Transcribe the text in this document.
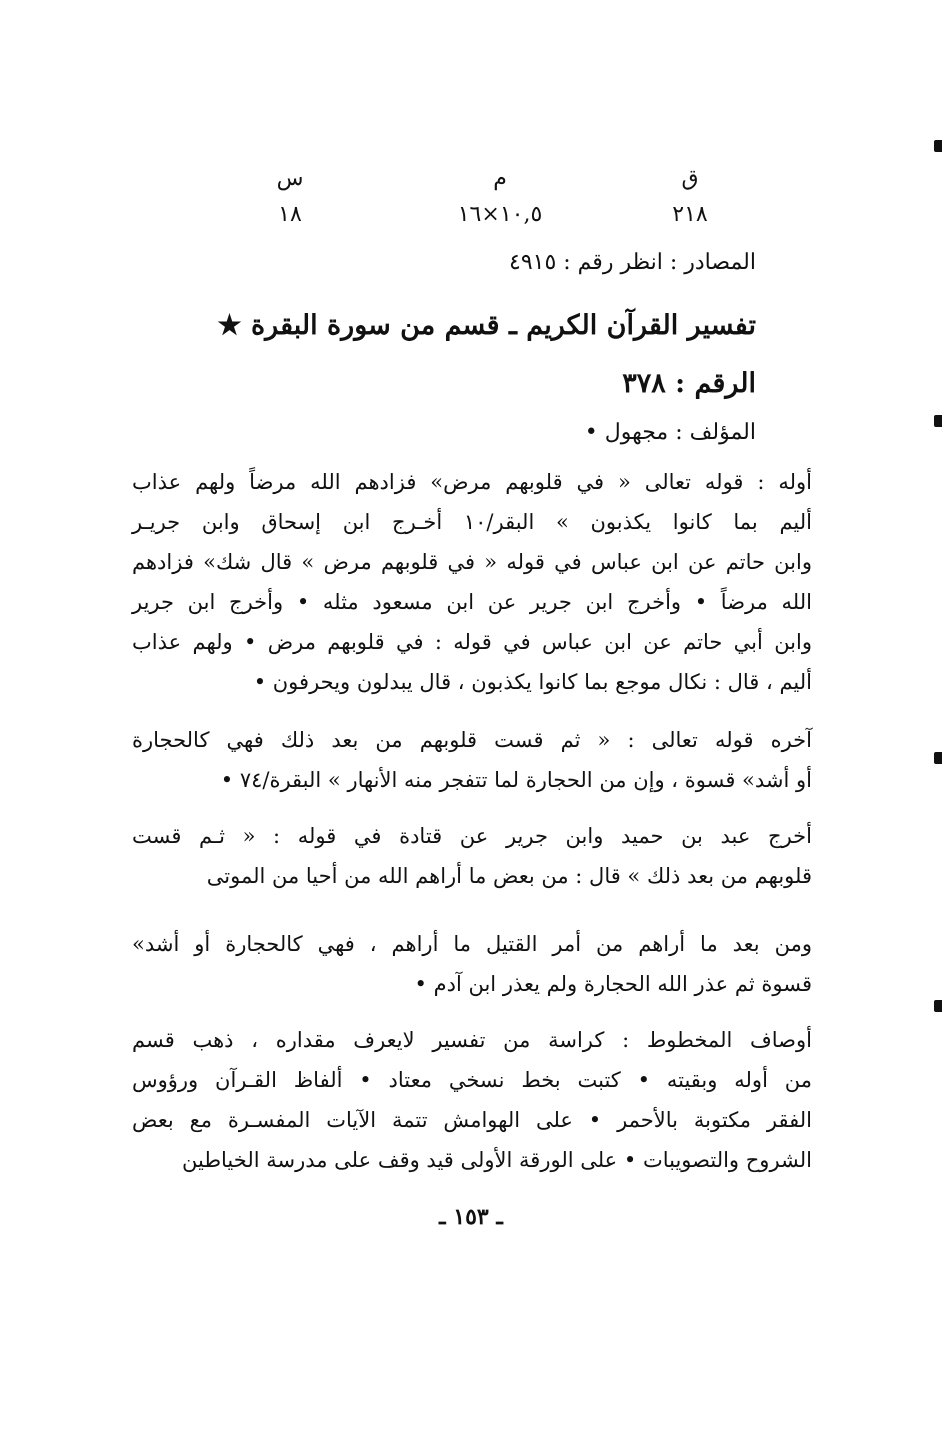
ق
م
س
٢١٨
١٠,٥×١٦
١٨
المصادر : انظر رقم : ٤٩١٥
تفسير القرآن الكريم ـ قسم من سورة البقرة ★
الرقم : ٣٧٨
المؤلف : مجهول •
أوله : قوله تعالى « في قلوبهم مرض» فزادهم الله مرضاً ولهم عذاب
أليم بما كانوا يكذبون » البقر/١٠ أخـرج ابن إسحاق وابن جريـر
وابن حاتم عن ابن عباس في قوله « في قلوبهم مرض » قال شك» فزادهم
الله مرضاً • وأخرج ابن جرير عن ابن مسعود مثله • وأخرج ابن جرير
وابن أبي حاتم عن ابن عباس في قوله : في قلوبهم مرض • ولهم عذاب
أليم ، قال : نكال موجع بما كانوا يكذبون ، قال يبدلون ويحرفون •
آخره قوله تعالى : « ثم قست قلوبهم من بعد ذلك فهي كالحجارة
أو أشد» قسوة ، وإن من الحجارة لما تتفجر منه الأنهار » البقرة/٧٤ •
أخرج عبد بن حميد وابن جرير عن قتادة في قوله : « ثـم قست
قلوبهم من بعد ذلك » قال : من بعض ما أراهم الله من أحيا من الموتى
ومن بعد ما أراهم من أمر القتيل ما أراهم ، فهي كالحجارة أو أشد»
قسوة ثم عذر الله الحجارة ولم يعذر ابن آدم •
أوصاف المخطوط : كراسة من تفسير لايعرف مقداره ، ذهب قسم
من أوله وبقيته • كتبت بخط نسخي معتاد • ألفاظ القـرآن ورؤوس
الفقر مكتوبة بالأحمر • على الهوامش تتمة الآيات المفسـرة مع بعض
الشروح والتصويبات • على الورقة الأولى قيد وقف على مدرسة الخياطين
ـ ١٥٣ ـ
